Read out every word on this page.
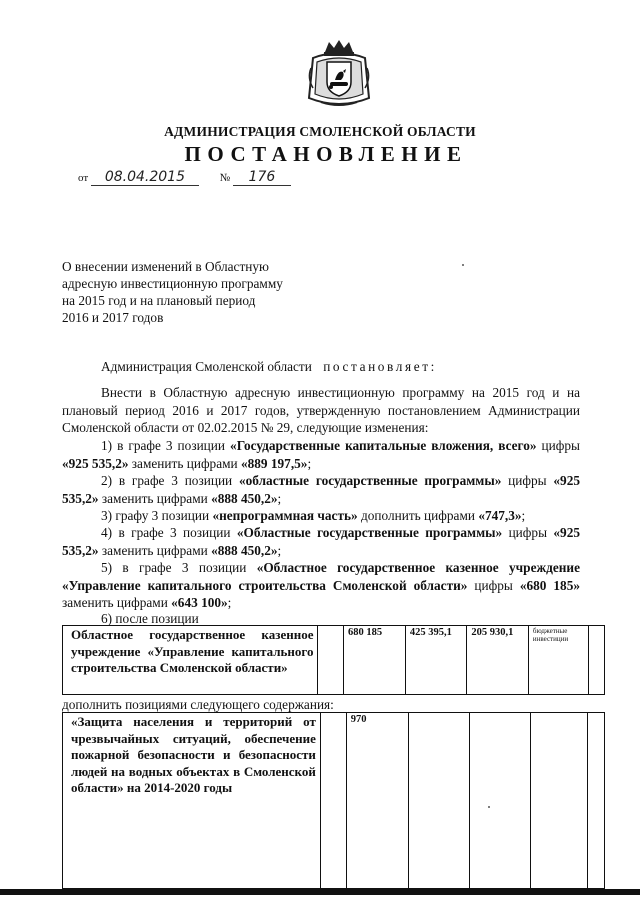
АДМИНИСТРАЦИЯ СМОЛЕНСКОЙ ОБЛАСТИ
ПОСТАНОВЛЕНИЕ
от 08.04.2015	№ 176
О внесении изменений в Областную
адресную инвестиционную программу
на 2015 год и на плановый период
2016 и 2017 годов
Администрация Смоленской области постановляет:
Внести в Областную адресную инвестиционную программу на 2015 год и на плановый период 2016 и 2017 годов, утвержденную постановлением Администрации Смоленской области от 02.02.2015 № 29, следующие изменения:
1) в графе 3 позиции «Государственные капитальные вложения, всего» цифры «925 535,2» заменить цифрами «889 197,5»;
2) в графе 3 позиции «областные государственные программы» цифры «925 535,2» заменить цифрами «888 450,2»;
3) графу 3 позиции «непрограммная часть» дополнить цифрами «747,3»;
4) в графе 3 позиции «Областные государственные программы» цифры «925 535,2» заменить цифрами «888 450,2»;
5) в графе 3 позиции «Областное государственное казенное учреждение «Управление капитального строительства Смоленской области» цифры «680 185» заменить цифрами «643 100»;
6) после позиции
Областное государственное казенное учреждение «Управление капитального строительства Смоленской области»		680 185	425 395,1	205 930,1	бюджетные инвестиции	
дополнить позициями следующего содержания:
«Защита населения и территорий от чрезвычайных ситуаций, обеспечение пожарной безопасности и безопасности людей на водных объектах в Смоленской области» на 2014-2020 годы		970				
